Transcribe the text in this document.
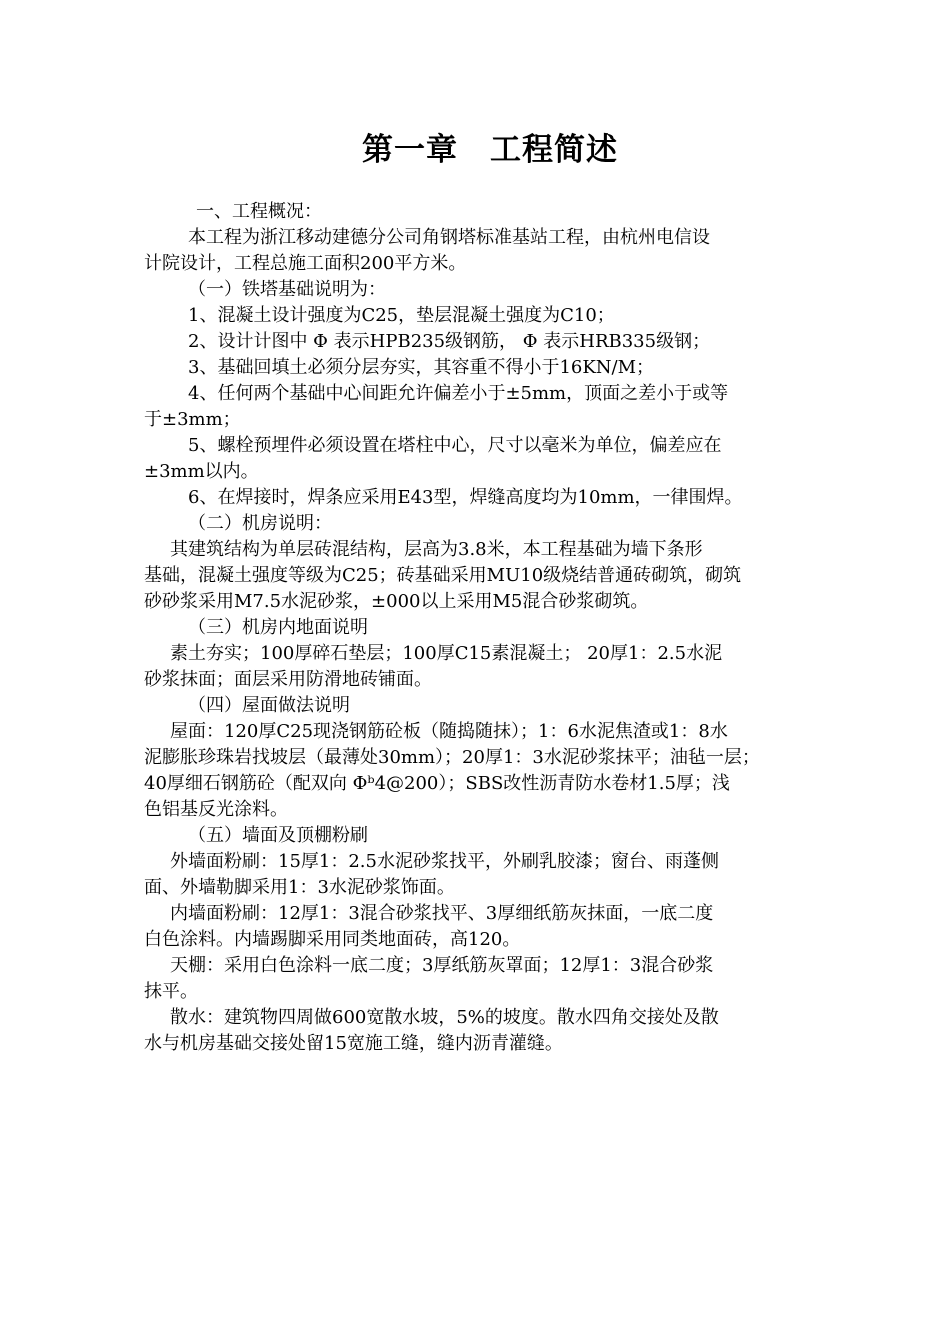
第一章　工程简述
一、工程概况：
本工程为浙江移动建德分公司角钢塔标准基站工程，由杭州电信设
计院设计，工程总施工面积200平方米。
（一）铁塔基础说明为：
1、混凝土设计强度为C25，垫层混凝土强度为C10；
2、设计计图中 Φ 表示HPB235级钢筋， Φ 表示HRB335级钢；
3、基础回填土必须分层夯实，其容重不得小于16KN/M；
4、任何两个基础中心间距允许偏差小于±5mm，顶面之差小于或等
于±3mm；
5、螺栓预埋件必须设置在塔柱中心，尺寸以毫米为单位，偏差应在
±3mm以内。
6、在焊接时，焊条应采用E43型，焊缝高度均为10mm，一律围焊。
（二）机房说明：
其建筑结构为单层砖混结构，层高为3.8米，本工程基础为墙下条形
基础，混凝土强度等级为C25；砖基础采用MU10级烧结普通砖砌筑，砌筑
砂砂浆采用M7.5水泥砂浆，±000以上采用M5混合砂浆砌筑。
（三）机房内地面说明
素土夯实；100厚碎石垫层；100厚C15素混凝土； 20厚1：2.5水泥
砂浆抹面；面层采用防滑地砖铺面。
（四）屋面做法说明
屋面：120厚C25现浇钢筋砼板（随捣随抹）；1：6水泥焦渣或1：8水
泥膨胀珍珠岩找坡层（最薄处30mm）；20厚1：3水泥砂浆抹平；油毡一层；
40厚细石钢筋砼（配双向 Φᵇ4@200）；SBS改性沥青防水卷材1.5厚；浅
色铝基反光涂料。
（五）墙面及顶棚粉刷
外墙面粉刷：15厚1：2.5水泥砂浆找平，外刷乳胶漆；窗台、雨蓬侧
面、外墙勒脚采用1：3水泥砂浆饰面。
内墙面粉刷：12厚1：3混合砂浆找平、3厚细纸筋灰抹面，一底二度
白色涂料。内墙踢脚采用同类地面砖，高120。
天棚：采用白色涂料一底二度；3厚纸筋灰罩面；12厚1：3混合砂浆
抹平。
散水：建筑物四周做600宽散水坡，5%的坡度。散水四角交接处及散
水与机房基础交接处留15宽施工缝，缝内沥青灌缝。
